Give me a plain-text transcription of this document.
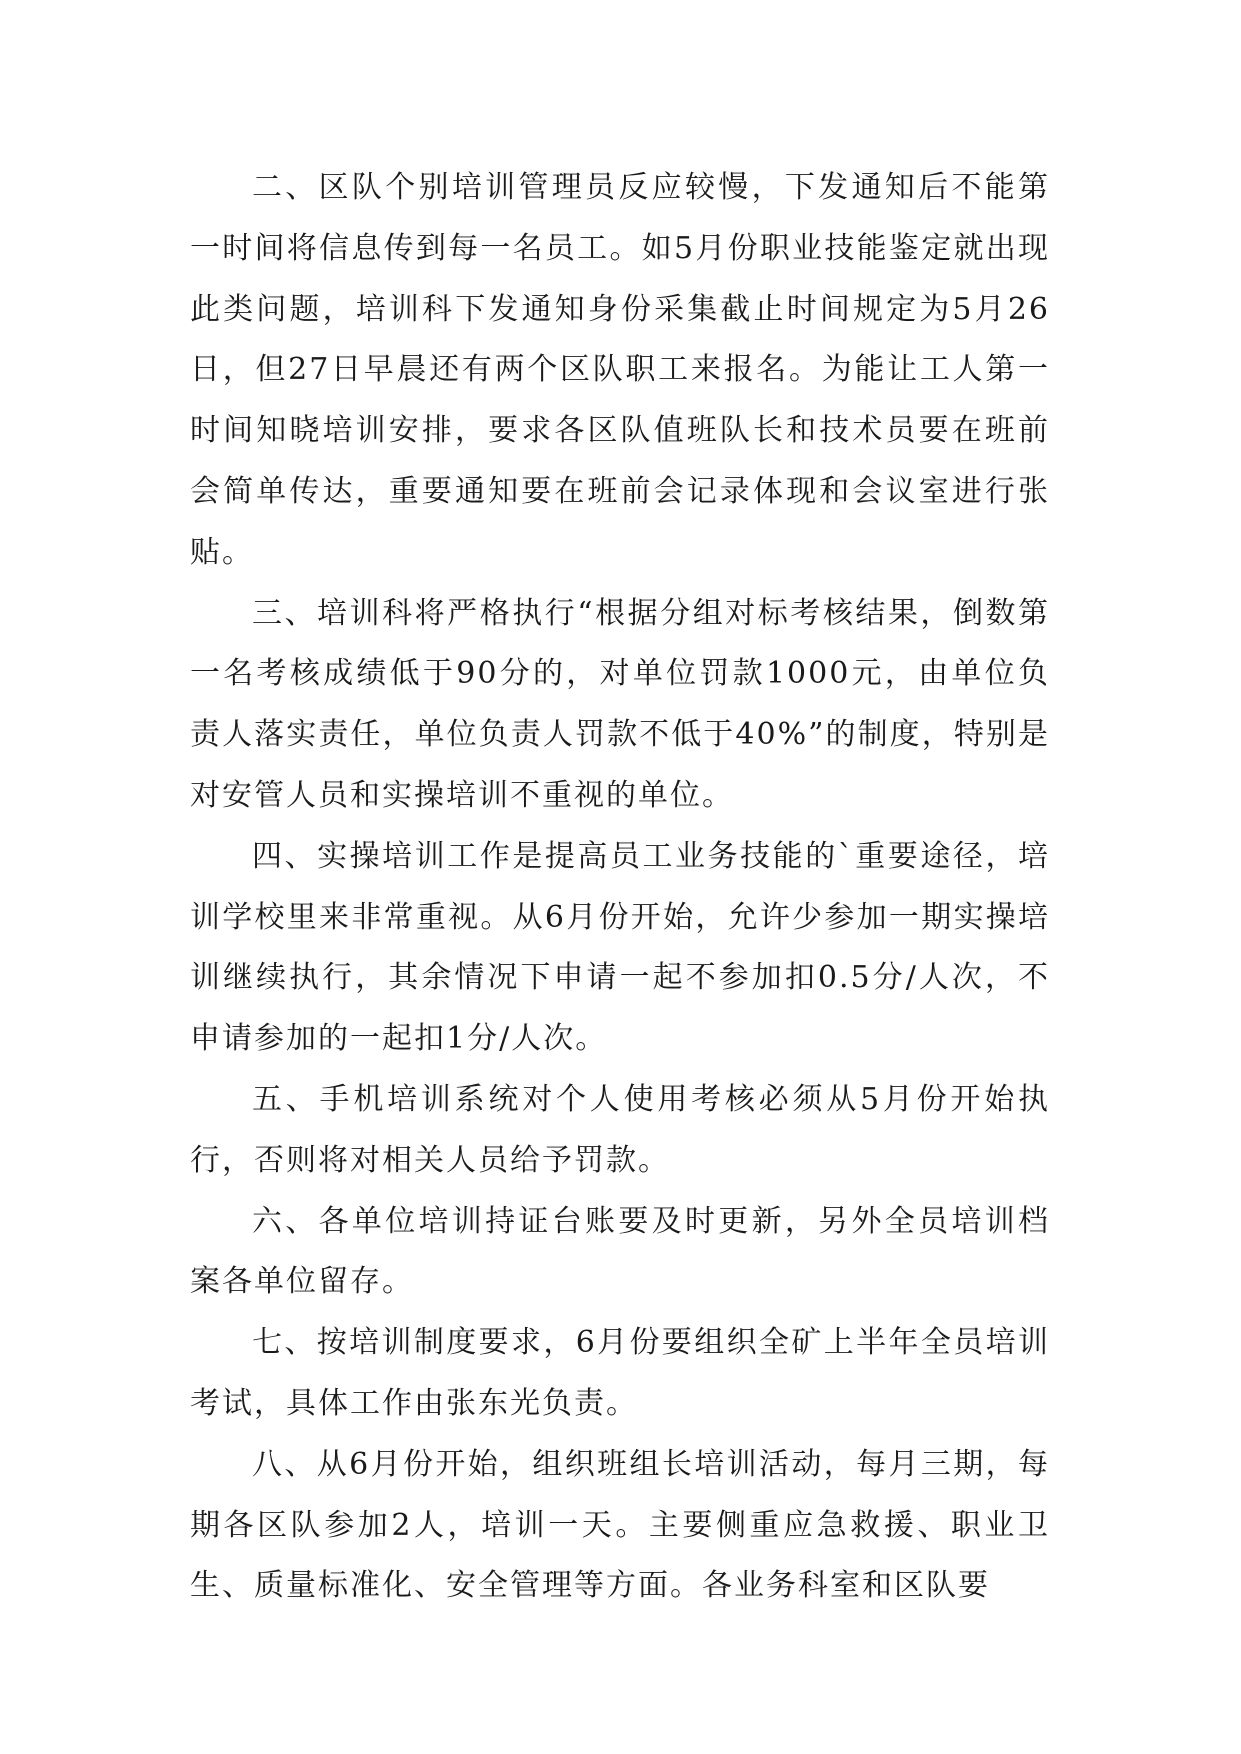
二、区队个别培训管理员反应较慢，下发通知后不能第一时间将信息传到每一名员工。如5月份职业技能鉴定就出现此类问题，培训科下发通知身份采集截止时间规定为5月26日，但27日早晨还有两个区队职工来报名。为能让工人第一时间知晓培训安排，要求各区队值班队长和技术员要在班前会简单传达，重要通知要在班前会记录体现和会议室进行张贴。

三、培训科将严格执行“根据分组对标考核结果，倒数第一名考核成绩低于90分的，对单位罚款1000元，由单位负责人落实责任，单位负责人罚款不低于40%”的制度，特别是对安管人员和实操培训不重视的单位。

四、实操培训工作是提高员工业务技能的`重要途径，培训学校里来非常重视。从6月份开始，允许少参加一期实操培训继续执行，其余情况下申请一起不参加扣0.5分/人次，不申请参加的一起扣1分/人次。

五、手机培训系统对个人使用考核必须从5月份开始执行，否则将对相关人员给予罚款。

六、各单位培训持证台账要及时更新，另外全员培训档案各单位留存。

七、按培训制度要求，6月份要组织全矿上半年全员培训考试，具体工作由张东光负责。

八、从6月份开始，组织班组长培训活动，每月三期，每期各区队参加2人，培训一天。主要侧重应急救援、职业卫生、质量标准化、安全管理等方面。各业务科室和区队要
